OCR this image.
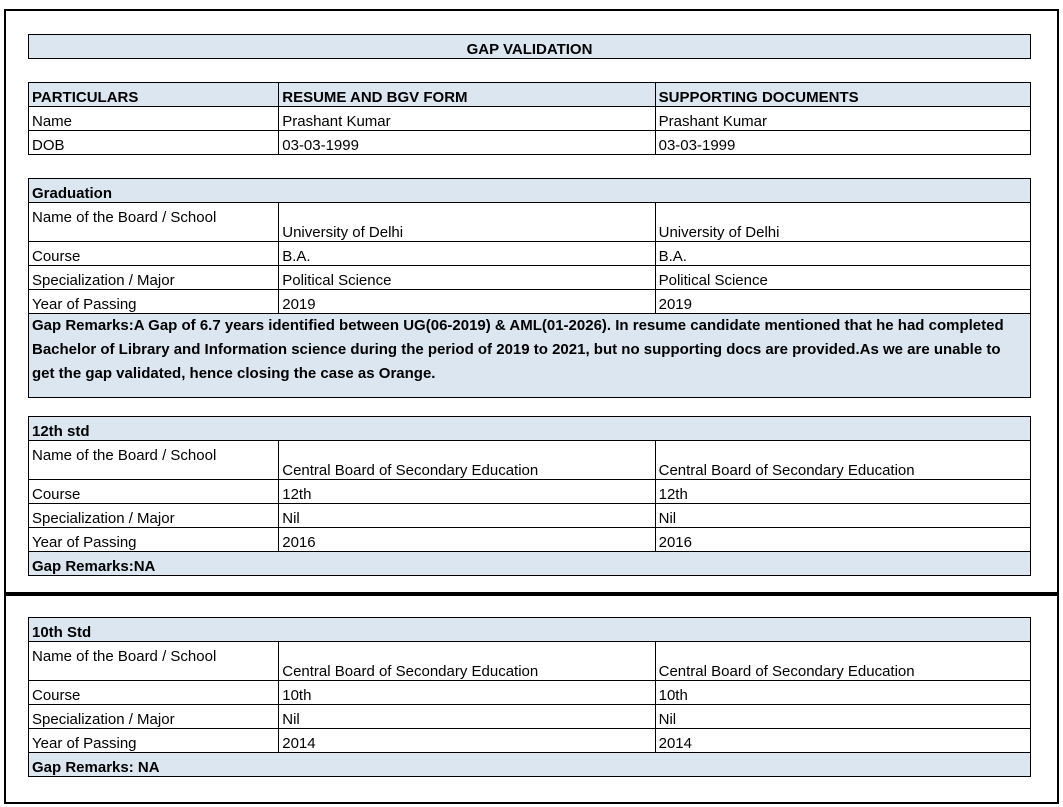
GAP VALIDATION
PARTICULARS	RESUME AND BGV FORM	SUPPORTING DOCUMENTS
Name	Prashant Kumar	Prashant Kumar
DOB	03-03-1999	03-03-1999
Graduation		
Name of the Board / School	University of Delhi	University of Delhi
Course	B.A.	B.A.
Specialization / Major	Political Science	Political Science
Year of Passing	2019	2019
Gap Remarks:A Gap of 6.7 years identified between UG(06-2019) & AML(01-2026). In resume candidate mentioned that he had completed Bachelor of Library and Information science during the period of 2019 to 2021, but no supporting docs are provided.As we are unable to get the gap validated, hence closing the case as Orange.		
12th std		
Name of the Board / School	Central Board of Secondary Education	Central Board of Secondary Education
Course	12th	12th
Specialization / Major	Nil	Nil
Year of Passing	2016	2016
Gap Remarks:NA		
10th Std		
Name of the Board / School	Central Board of Secondary Education	Central Board of Secondary Education
Course	10th	10th
Specialization / Major	Nil	Nil
Year of Passing	2014	2014
Gap Remarks: NA		
